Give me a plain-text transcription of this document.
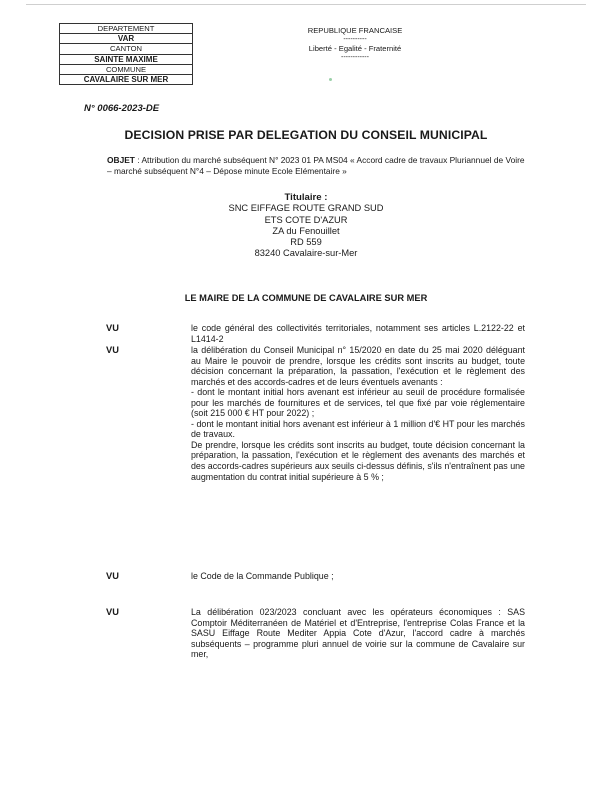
DEPARTEMENT
VAR
CANTON
SAINTE MAXIME
COMMUNE
CAVALAIRE SUR MER
REPUBLIQUE FRANCAISE
----------
Liberté - Egalité - Fraternité
------------
N° 0066-2023-DE
DECISION PRISE PAR DELEGATION DU CONSEIL MUNICIPAL
OBJET : Attribution du marché subséquent N° 2023 01 PA MS04 « Accord cadre de travaux Pluriannuel de Voire – marché subséquent N°4 – Dépose minute Ecole Elémentaire »
Titulaire :
SNC EIFFAGE ROUTE GRAND SUD
ETS COTE D'AZUR
ZA du Fenouillet
RD 559
83240 Cavalaire-sur-Mer
LE MAIRE DE LA COMMUNE DE CAVALAIRE SUR MER
VU	le code général des collectivités territoriales, notamment ses articles L.2122-22 et L1414-2

VU	la délibération du Conseil Municipal n° 15/2020 en date du 25 mai 2020 déléguant au Maire le pouvoir de prendre, lorsque les crédits sont inscrits au budget, toute décision concernant la préparation, la passation, l'exécution et le règlement des marchés et des accords-cadres et de leurs éventuels avenants :

- dont le montant initial hors avenant est inférieur au seuil de procédure formalisée pour les marchés de fournitures et de services, tel que fixé par voie réglementaire (soit 215 000 € HT pour 2022) ;

- dont le montant initial hors avenant est inférieur à 1 million d'€ HT pour les marchés de travaux.

De prendre, lorsque les crédits sont inscrits au budget, toute décision concernant la préparation, la passation, l'exécution et le règlement des avenants des marchés et des accords-cadres supérieurs aux seuils ci-dessus définis, s'ils n'entraînent pas une augmentation du contrat initial supérieure à 5 % ;

VU	le Code de la Commande Publique ;

VU	La délibération 023/2023 concluant avec les opérateurs économiques : SAS Comptoir Méditerranéen de Matériel et d'Entreprise, l'entreprise Colas France et la SASU Eiffage Route Mediter Appia Cote d'Azur, l'accord cadre à marchés subséquents – programme pluri annuel de voirie sur la commune de Cavalaire sur mer,
